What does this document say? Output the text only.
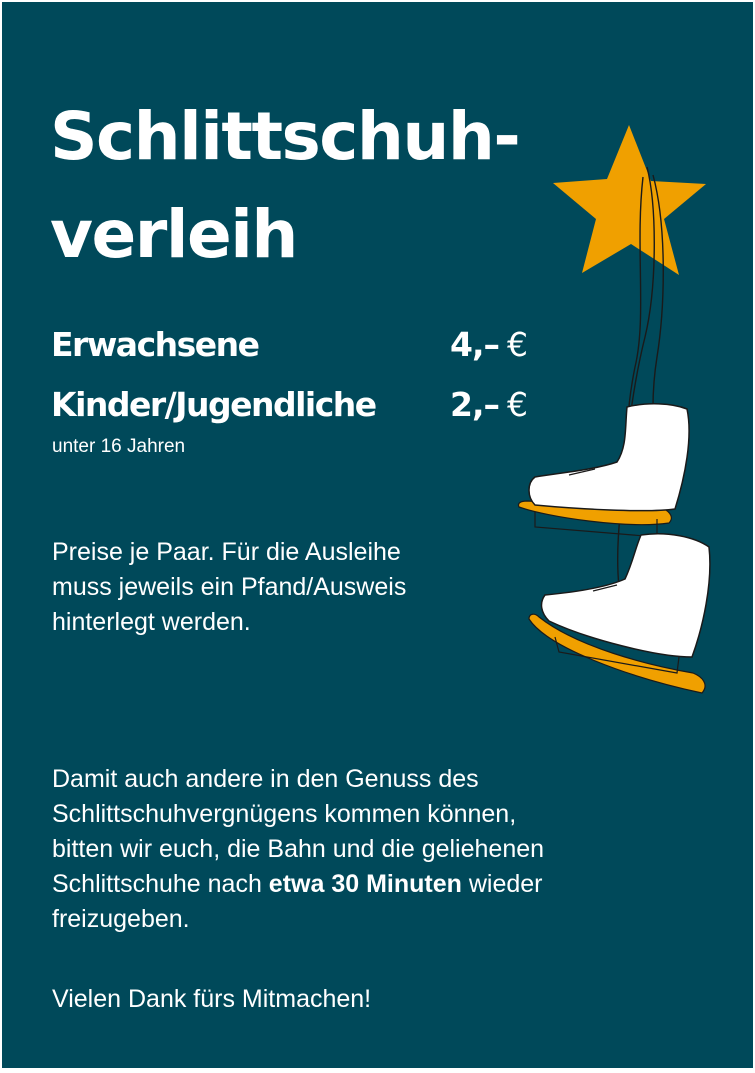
Schlittschuh-
verleih
Erwachsene	4,– €
Kinder/Jugendliche 2,– €
unter 16 Jahren

Preise je Paar. Für die Ausleihe
muss jeweils ein Pfand/Ausweis
hinterlegt werden.

Damit auch andere in den Genuss des
Schlittschuhvergnügens kommen können,
bitten wir euch, die Bahn und die geliehenen
Schlittschuhe nach etwa 30 Minuten wieder
freizugeben.

Vielen Dank fürs Mitmachen!
